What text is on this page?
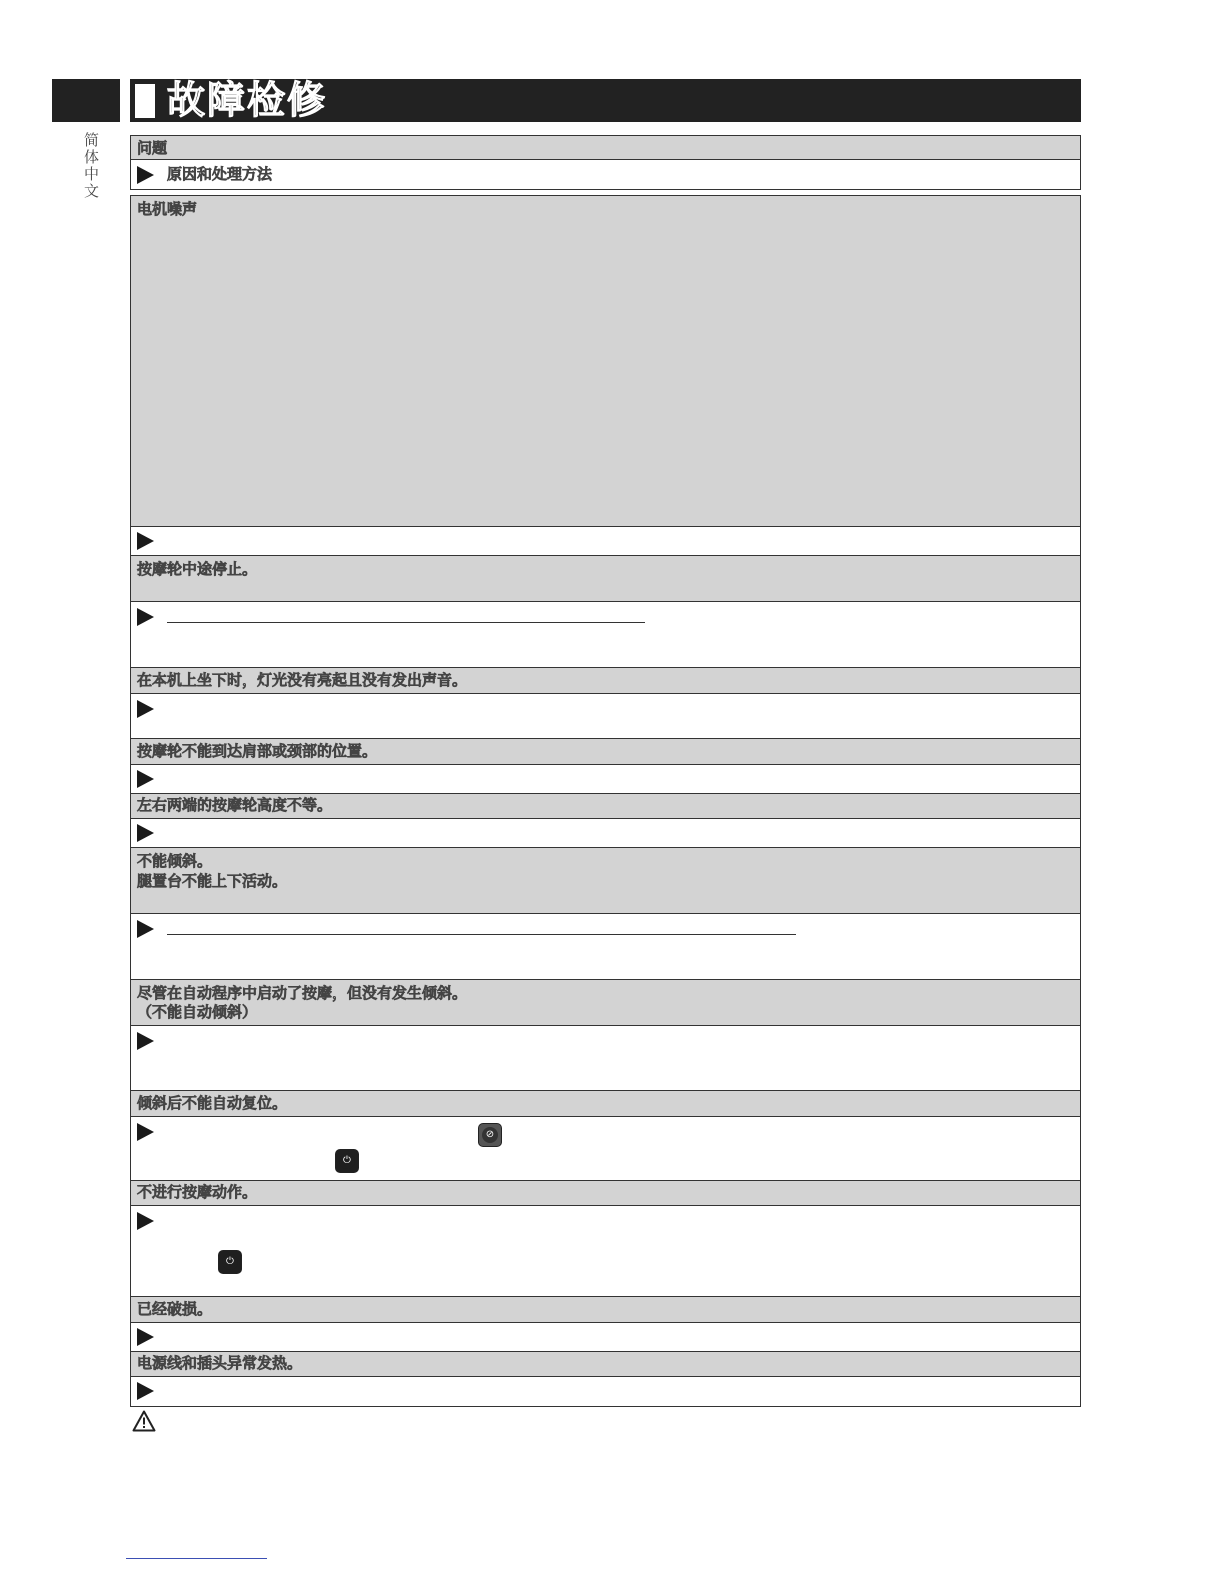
简体中文
故障检修
问题
原因和处理方法
电机噪声
按摩轮中途停止。
在本机上坐下时，灯光没有亮起且没有发出声音。
按摩轮不能到达肩部或颈部的位置。
左右两端的按摩轮高度不等。
不能倾斜。
腿置台不能上下活动。
尽管在自动程序中启动了按摩，但没有发生倾斜。
（不能自动倾斜）
倾斜后不能自动复位。
⊘
⏻
不进行按摩动作。
⏻
已经破损。
电源线和插头异常发热。
